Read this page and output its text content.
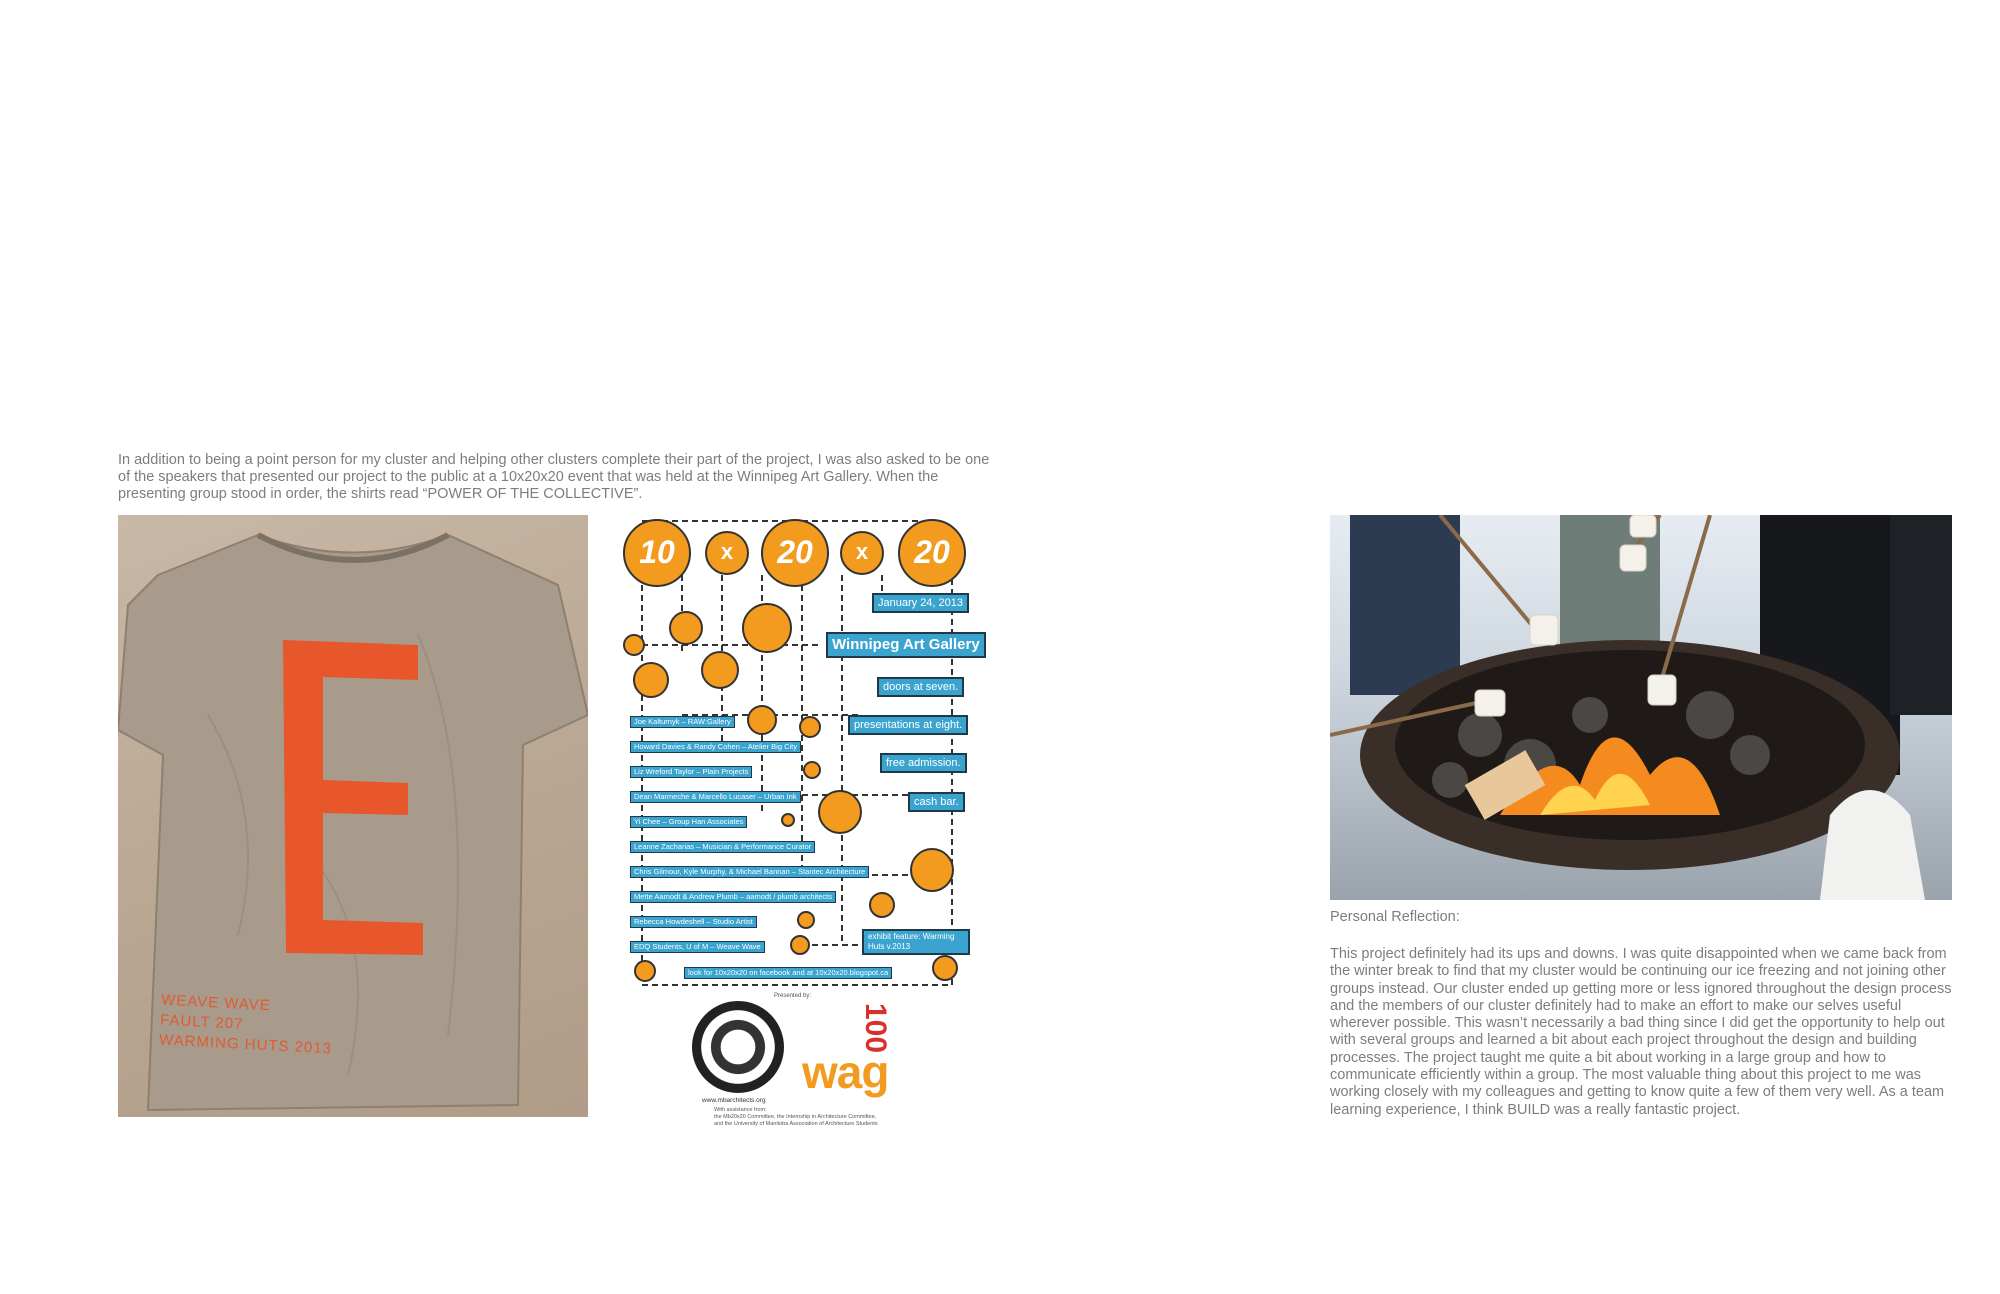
In addition to being a point person for my cluster and helping other clusters complete their part of the project, I was also asked to be one of the speakers that presented our project to the public at a 10x20x20 event that was held at the Winnipeg Art Gallery. When the presenting group stood in order, the shirts read “POWER OF THE COLLECTIVE”.
WEAVE WAVE
FAULT 207
WARMING HUTS 2013
10	x	20	x	20
January 24, 2013
Winnipeg Art Gallery
doors at seven.
presentations at eight.
free admission.
cash bar.
exhibit feature: Warming Huts v.2013
Joe Kalturnyk – RAW:Gallery
Howard Davies & Randy Cohen – Atelier Big City
Liz Wreford Taylor – Plain Projects
Dean Marmeche & Marcello Lucaser – Urban Ink
Yi Chee – Group Han Associates
Leanne Zacharias – Musician & Performance Curator
Chris Gilmour, Kyle Murphy, & Michael Bannan – Stantec Architecture
Mette Aamodt & Andrew Plumb – aamodt / plumb architects
Rebecca Howdeshell – Studio Artist
EDQ Students, U of M – Weave Wave
look for 10x20x20 on facebook and at 10x20x20.blogspot.ca
Presented by:
www.mbarchitects.org
wag
100
With assistance from:
the Mb20x20 Committee, the Internship in Architecture Committee,
and the University of Manitoba Association of Architecture Students
Personal Reflection:
This project definitely had its ups and downs. I was quite disappointed when we came back from the winter break to find that my cluster would be continuing our ice freezing and not joining other groups instead. Our cluster ended up getting more or less ignored throughout the design process and the members of our cluster definitely had to make an effort to make our selves useful wherever possible. This wasn’t necessarily a bad thing since I did get the opportunity to help out with several groups and learned a bit about each project throughout the design and building processes. The project taught me quite a bit about working in a large group and how to communicate efficiently within a group. The most valuable thing about this project to me was working closely with my colleagues and getting to know quite a few of them very well. As a team learning experience, I think BUILD was a really fantastic project.
